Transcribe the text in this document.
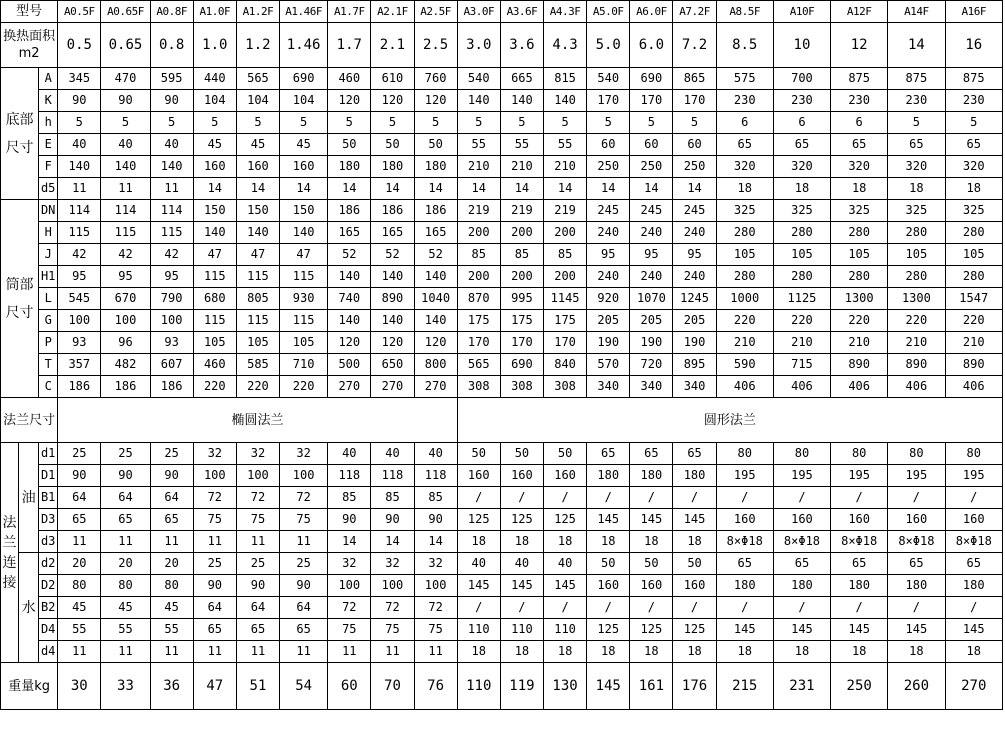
型号			A0.5F	A0.65F	A0.8F	A1.0F	A1.2F	A1.46F	A1.7F	A2.1F	A2.5F	A3.0F	A3.6F	A4.3F	A5.0F	A6.0F	A7.2F	A8.5F	A10F	A12F	A14F	A16F
换热面积m2			0.5	0.65	0.8	1.0	1.2	1.46	1.7	2.1	2.5	3.0	3.6	4.3	5.0	6.0	7.2	8.5	10	12	14	16
底部尺寸		A	345	470	595	440	565	690	460	610	760	540	665	815	540	690	865	575	700	875	875	875
		K	90	90	90	104	104	104	120	120	120	140	140	140	170	170	170	230	230	230	230	230
		h	5	5	5	5	5	5	5	5	5	5	5	5	5	5	5	6	6	6	5	5
		E	40	40	40	45	45	45	50	50	50	55	55	55	60	60	60	65	65	65	65	65
		F	140	140	140	160	160	160	180	180	180	210	210	210	250	250	250	320	320	320	320	320
		d5	11	11	11	14	14	14	14	14	14	14	14	14	14	14	14	18	18	18	18	18
筒部尺寸		DN	114	114	114	150	150	150	186	186	186	219	219	219	245	245	245	325	325	325	325	325
		H	115	115	115	140	140	140	165	165	165	200	200	200	240	240	240	280	280	280	280	280
		J	42	42	42	47	47	47	52	52	52	85	85	85	95	95	95	105	105	105	105	105
		H1	95	95	95	115	115	115	140	140	140	200	200	200	240	240	240	280	280	280	280	280
		L	545	670	790	680	805	930	740	890	1040	870	995	1145	920	1070	1245	1000	1125	1300	1300	1547
		G	100	100	100	115	115	115	140	140	140	175	175	175	205	205	205	220	220	220	220	220
		P	93	96	93	105	105	105	120	120	120	170	170	170	190	190	190	210	210	210	210	210
		T	357	482	607	460	585	710	500	650	800	565	690	840	570	720	895	590	715	890	890	890
		C	186	186	186	220	220	220	270	270	270	308	308	308	340	340	340	406	406	406	406	406
法兰尺寸			椭圆法兰									圆形法兰										
法兰连接	油	d1	25	25	25	32	32	32	40	40	40	50	50	50	65	65	65	80	80	80	80	80
		D1	90	90	90	100	100	100	118	118	118	160	160	160	180	180	180	195	195	195	195	195
		B1	64	64	64	72	72	72	85	85	85	/	/	/	/	/	/	/	/	/	/	/
		D3	65	65	65	75	75	75	90	90	90	125	125	125	145	145	145	160	160	160	160	160
		d3	11	11	11	11	11	11	14	14	14	18	18	18	18	18	18	8×Φ18	8×Φ18	8×Φ18	8×Φ18	8×Φ18
	水	d2	20	20	20	25	25	25	32	32	32	40	40	40	50	50	50	65	65	65	65	65
		D2	80	80	80	90	90	90	100	100	100	145	145	145	160	160	160	180	180	180	180	180
		B2	45	45	45	64	64	64	72	72	72	/	/	/	/	/	/	/	/	/	/	/
		D4	55	55	55	65	65	65	75	75	75	110	110	110	125	125	125	145	145	145	145	145
		d4	11	11	11	11	11	11	11	11	11	18	18	18	18	18	18	18	18	18	18	18
重量kg			30	33	36	47	51	54	60	70	76	110	119	130	145	161	176	215	231	250	260	270
